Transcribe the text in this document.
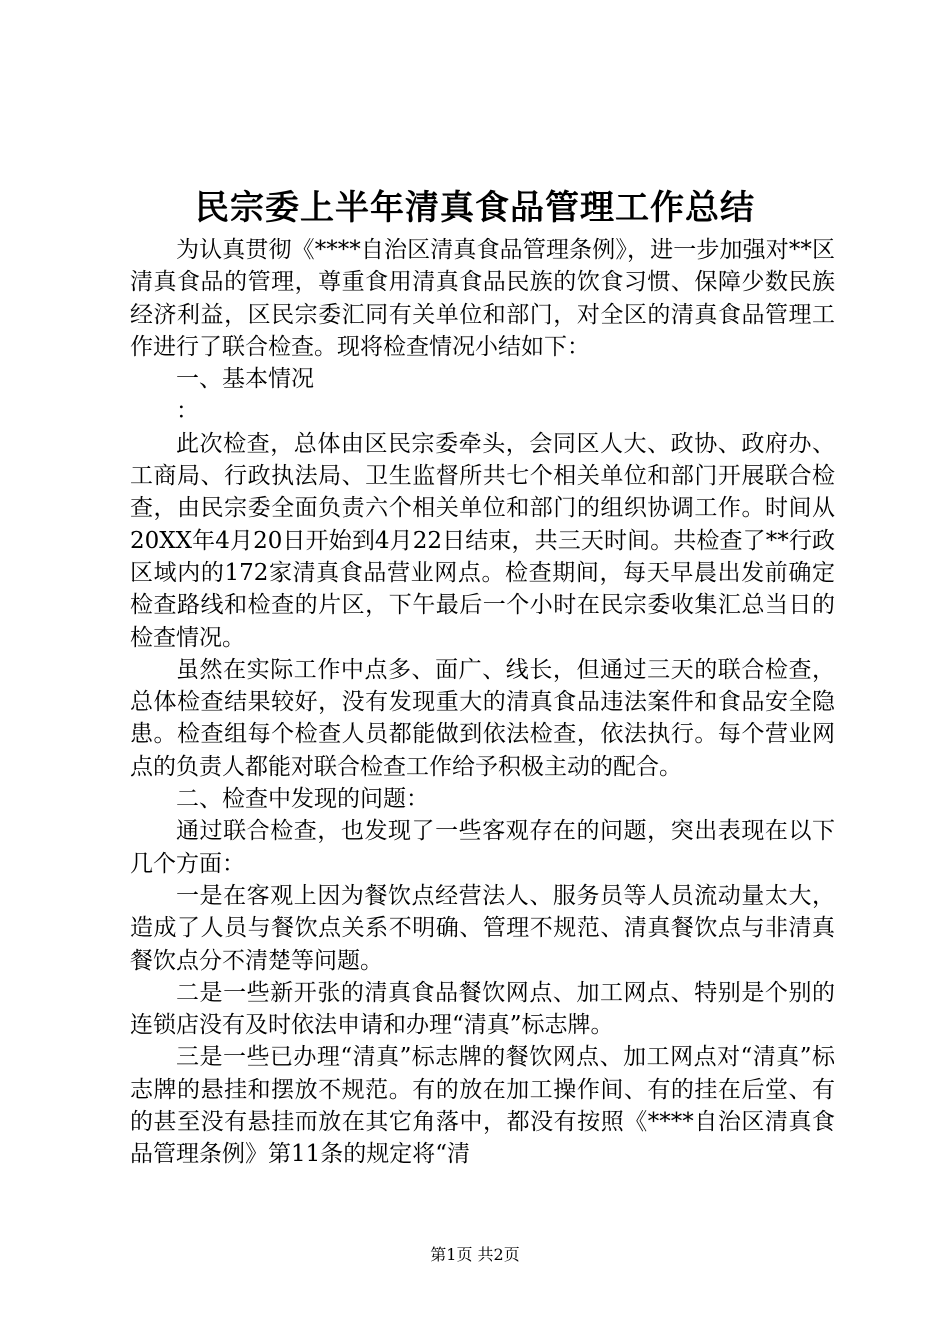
民宗委上半年清真食品管理工作总结

为认真贯彻《****自治区清真食品管理条例》，进一步加强对**区清真食品的管理，尊重食用清真食品民族的饮食习惯、保障少数民族经济利益，区民宗委汇同有关单位和部门，对全区的清真食品管理工作进行了联合检查。现将检查情况小结如下：

一、基本情况

：

此次检查，总体由区民宗委牵头，会同区人大、政协、政府办、工商局、行政执法局、卫生监督所共七个相关单位和部门开展联合检查，由民宗委全面负责六个相关单位和部门的组织协调工作。时间从20XX年4月20日开始到4月22日结束，共三天时间。共检查了**行政区域内的172家清真食品营业网点。检查期间，每天早晨出发前确定检查路线和检查的片区，下午最后一个小时在民宗委收集汇总当日的检查情况。

虽然在实际工作中点多、面广、线长，但通过三天的联合检查，总体检查结果较好，没有发现重大的清真食品违法案件和食品安全隐患。检查组每个检查人员都能做到依法检查，依法执行。每个营业网点的负责人都能对联合检查工作给予积极主动的配合。

二、检查中发现的问题：

通过联合检查，也发现了一些客观存在的问题，突出表现在以下几个方面：

一是在客观上因为餐饮点经营法人、服务员等人员流动量太大，造成了人员与餐饮点关系不明确、管理不规范、清真餐饮点与非清真餐饮点分不清楚等问题。

二是一些新开张的清真食品餐饮网点、加工网点、特别是个别的连锁店没有及时依法申请和办理“清真”标志牌。

三是一些已办理“清真”标志牌的餐饮网点、加工网点对“清真”标志牌的悬挂和摆放不规范。有的放在加工操作间、有的挂在后堂、有的甚至没有悬挂而放在其它角落中，都没有按照《****自治区清真食品管理条例》第11条的规定将“清

第1页 共2页
